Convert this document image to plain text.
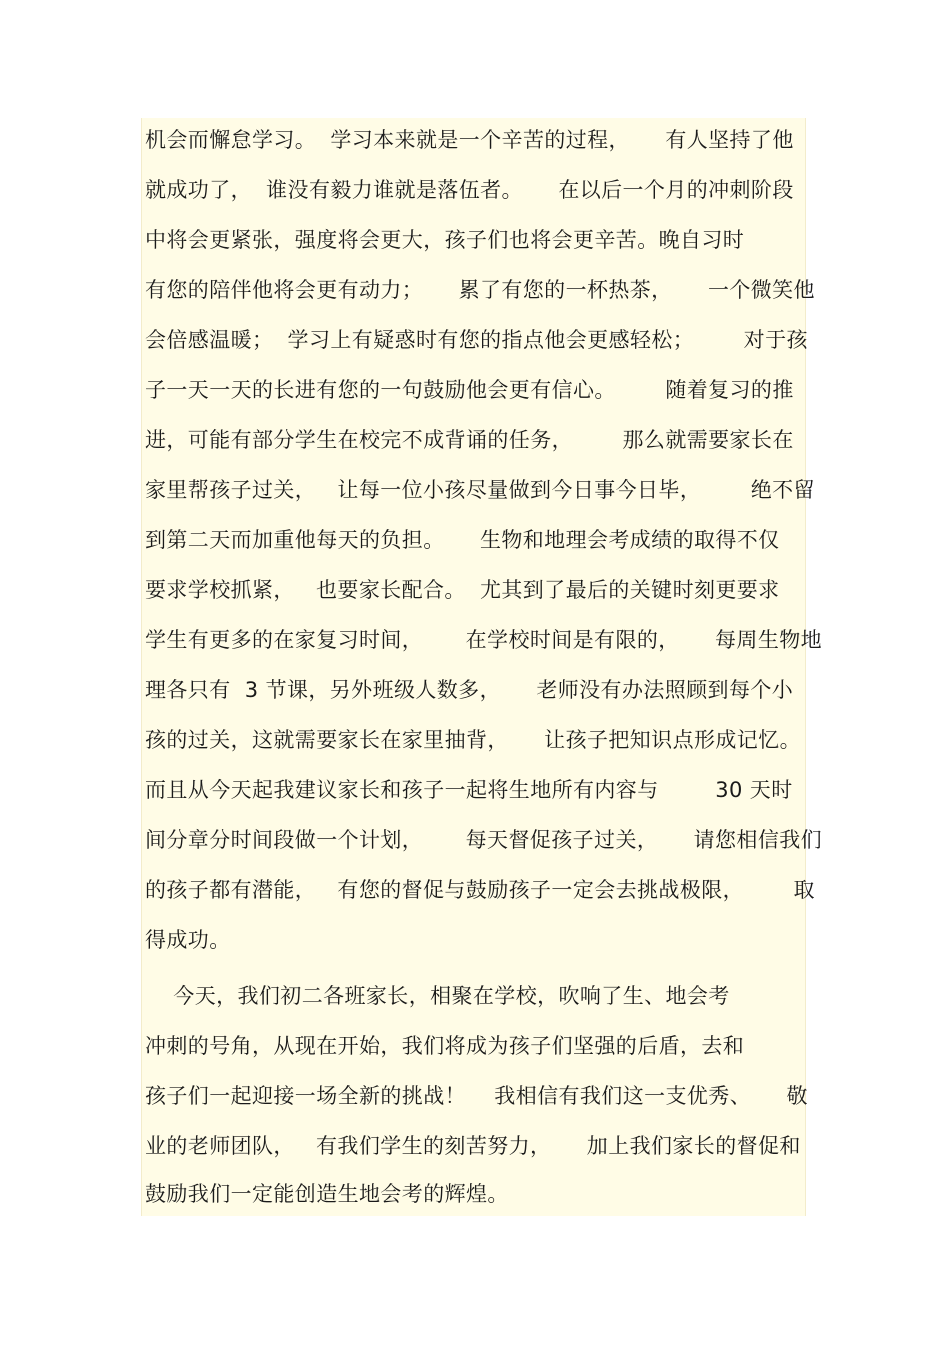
机会而懈怠学习。  学习本来就是一个辛苦的过程，     有人坚持了他
就成功了，  谁没有毅力谁就是落伍者。     在以后一个月的冲刺阶段
中将会更紧张，强度将会更大，孩子们也将会更辛苦。晚自习时
有您的陪伴他将会更有动力；     累了有您的一杯热茶，     一个微笑他
会倍感温暖；  学习上有疑惑时有您的指点他会更感轻松；       对于孩
子一天一天的长进有您的一句鼓励他会更有信心。       随着复习的推
进，可能有部分学生在校完不成背诵的任务，       那么就需要家长在
家里帮孩子过关，   让每一位小孩尽量做到今日事今日毕，       绝不留
到第二天而加重他每天的负担。     生物和地理会考成绩的取得不仅
要求学校抓紧，   也要家长配合。  尤其到了最后的关键时刻更要求
学生有更多的在家复习时间，      在学校时间是有限的，     每周生物地
理各只有  3 节课，另外班级人数多，     老师没有办法照顾到每个小
孩的过关，这就需要家长在家里抽背，     让孩子把知识点形成记忆。
而且从今天起我建议家长和孩子一起将生地所有内容与        30 天时
间分章分时间段做一个计划，      每天督促孩子过关，     请您相信我们
的孩子都有潜能，   有您的督促与鼓励孩子一定会去挑战极限，       取
得成功。
今天，我们初二各班家长，相聚在学校，吹响了生、地会考
冲刺的号角，从现在开始，我们将成为孩子们坚强的后盾，去和
孩子们一起迎接一场全新的挑战！    我相信有我们这一支优秀、     敬
业的老师团队，   有我们学生的刻苦努力，     加上我们家长的督促和
鼓励我们一定能创造生地会考的辉煌。
